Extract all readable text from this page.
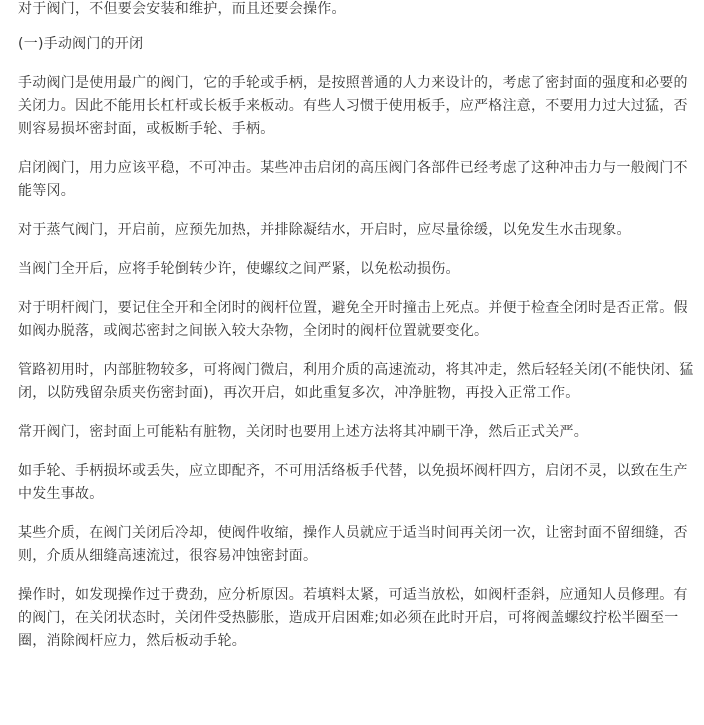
对于阀门，不但要会安装和维护，而且还要会操作。

(一)手动阀门的开闭

手动阀门是使用最广的阀门，它的手轮或手柄，是按照普通的人力来设计的，考虑了密封面的强度和必要的关闭力。因此不能用长杠杆或长板手来板动。有些人习惯于使用板手，应严格注意，不要用力过大过猛，否则容易损坏密封面，或板断手轮、手柄。

启闭阀门，用力应该平稳，不可冲击。某些冲击启闭的高压阀门各部件已经考虑了这种冲击力与一般阀门不能等冈。

对于蒸气阀门，开启前，应预先加热，并排除凝结水，开启时，应尽量徐缓，以免发生水击现象。

当阀门全开后，应将手轮倒转少许，使螺纹之间严紧，以免松动损伤。

对于明杆阀门，要记住全开和全闭时的阀杆位置，避免全开时撞击上死点。并便于检查全闭时是否正常。假如阀办脱落，或阀芯密封之间嵌入较大杂物，全闭时的阀杆位置就要变化。

管路初用时，内部脏物较多，可将阀门微启，利用介质的高速流动，将其冲走，然后轻轻关闭(不能快闭、猛闭，以防残留杂质夹伤密封面)，再次开启，如此重复多次，冲净脏物，再投入正常工作。

常开阀门，密封面上可能粘有脏物，关闭时也要用上述方法将其冲刷干净，然后正式关严。

如手轮、手柄损坏或丢失，应立即配齐，不可用活络板手代替，以免损坏阀杆四方，启闭不灵，以致在生产中发生事故。

某些介质，在阀门关闭后冷却，使阀件收缩，操作人员就应于适当时间再关闭一次，让密封面不留细缝，否则，介质从细缝高速流过，很容易冲蚀密封面。

操作时，如发现操作过于费劲，应分析原因。若填料太紧，可适当放松，如阀杆歪斜，应通知人员修理。有的阀门，在关闭状态时，关闭件受热膨胀，造成开启困难;如必须在此时开启，可将阀盖螺纹拧松半圈至一圈，消除阀杆应力，然后板动手轮。
